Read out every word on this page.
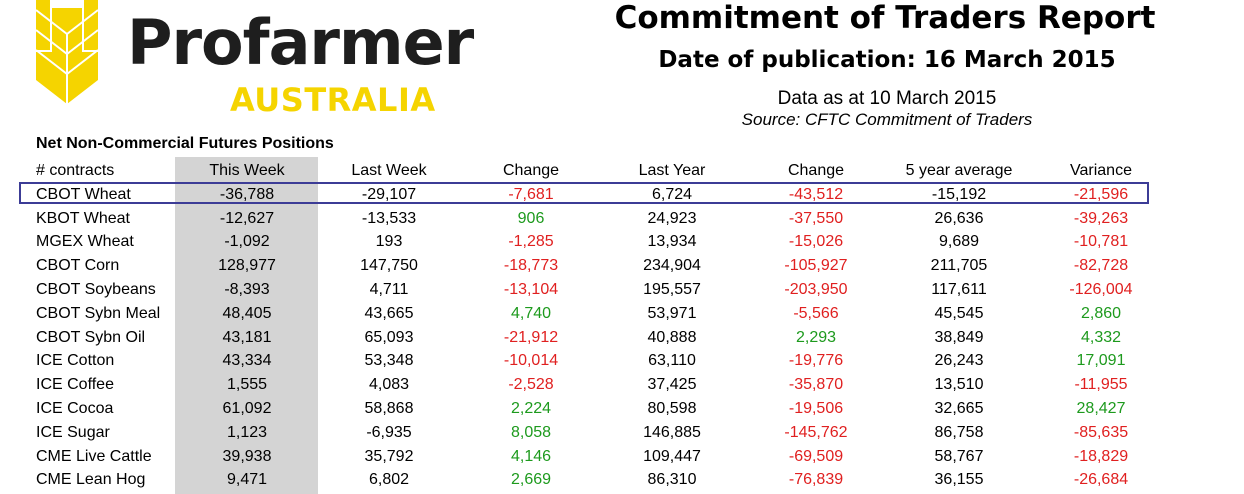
Profarmer
AUSTRALIA
Commitment of Traders Report
Date of publication: 16 March 2015
Data as at 10 March 2015
Source: CFTC Commitment of Traders
Net Non-Commercial Futures Positions
# contracts	This Week	Last Week	Change	Last Year	Change	5 year average	Variance
CBOT Wheat	-36,788	-29,107	-7,681	6,724	-43,512	-15,192	-21,596
KBOT Wheat	-12,627	-13,533	906	24,923	-37,550	26,636	-39,263
MGEX Wheat	-1,092	193	-1,285	13,934	-15,026	9,689	-10,781
CBOT Corn	128,977	147,750	-18,773	234,904	-105,927	211,705	-82,728
CBOT Soybeans	-8,393	4,711	-13,104	195,557	-203,950	117,611	-126,004
CBOT Sybn Meal	48,405	43,665	4,740	53,971	-5,566	45,545	2,860
CBOT Sybn Oil	43,181	65,093	-21,912	40,888	2,293	38,849	4,332
ICE Cotton	43,334	53,348	-10,014	63,110	-19,776	26,243	17,091
ICE Coffee	1,555	4,083	-2,528	37,425	-35,870	13,510	-11,955
ICE Cocoa	61,092	58,868	2,224	80,598	-19,506	32,665	28,427
ICE Sugar	1,123	-6,935	8,058	146,885	-145,762	86,758	-85,635
CME Live Cattle	39,938	35,792	4,146	109,447	-69,509	58,767	-18,829
CME Lean Hog	9,471	6,802	2,669	86,310	-76,839	36,155	-26,684
